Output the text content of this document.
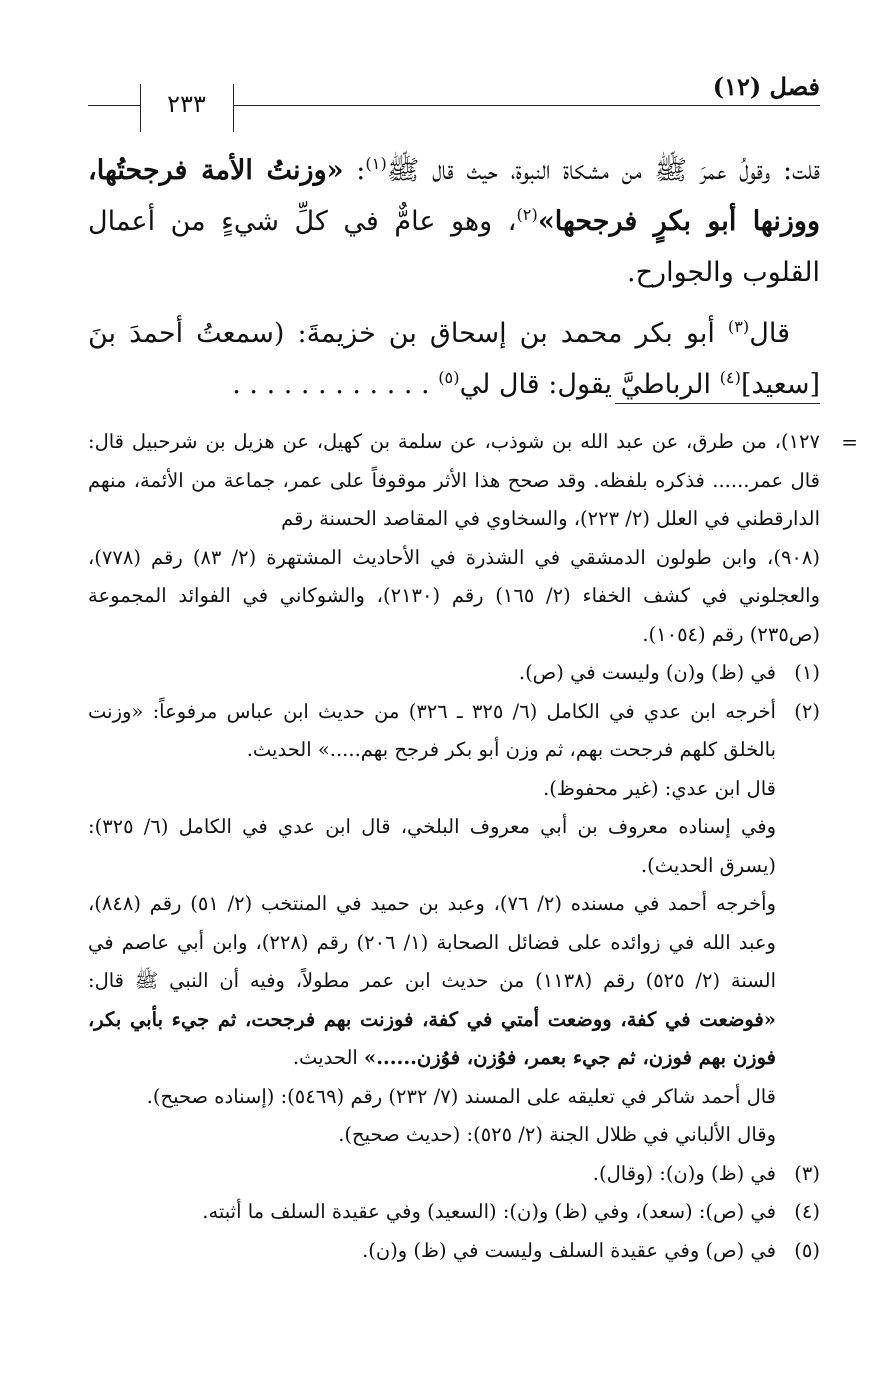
فصل (١٢)
٢٣٣

قلت: وقولُ عمرَ ﷺ من مشكاة النبوة، حيث قال ﷺ$^{(١)}$: «وزنتُ الأمة فرجحتُها، ووزنها أبو بكرٍ فرجحها»$^{(٢)}$، وهو عامٌّ في كلِّ شيءٍ من أعمال القلوب والجوارح.

قال$^{(٣)}$ أبو بكر محمد بن إسحاق بن خزيمةَ: (سمعتُ أحمدَ بنَ [سعيد]$^{(٤)}$ الرباطيَّ يقول: قال لي$^{(٥)}$ . . . . . . . . . . . .

=

١٢٧)، من طرق، عن عبد الله بن شوذب، عن سلمة بن كهيل، عن هزيل بن شرحبيل قال: قال عمر...... فذكره بلفظه. وقد صحح هذا الأثر موقوفاً على عمر، جماعة من الأئمة، منهم الدارقطني في العلل (٢/ ٢٢٣)، والسخاوي في المقاصد الحسنة رقم

(٩٠٨)، وابن طولون الدمشقي في الشذرة في الأحاديث المشتهرة (٢/ ٨٣) رقم (٧٧٨)، والعجلوني في كشف الخفاء (٢/ ١٦٥) رقم (٢١٣٠)، والشوكاني في الفوائد المجموعة (ص٢٣٥) رقم (١٠٥٤).

(١)
في (ظ) و(ن) وليست في (ص).
(٢)
أخرجه ابن عدي في الكامل (٦/ ٣٢٥ ـ ٣٢٦) من حديث ابن عباس مرفوعاً: «وزنت بالخلق كلهم فرجحت بهم، ثم وزن أبو بكر فرجح بهم.....» الحديث.

قال ابن عدي: (غير محفوظ).

وفي إسناده معروف بن أبي معروف البلخي، قال ابن عدي في الكامل (٦/ ٣٢٥): (يسرق الحديث).

وأخرجه أحمد في مسنده (٢/ ٧٦)، وعبد بن حميد في المنتخب (٢/ ٥١) رقم (٨٤٨)، وعبد الله في زوائده على فضائل الصحابة (١/ ٢٠٦) رقم (٢٢٨)، وابن أبي عاصم في السنة (٢/ ٥٢٥) رقم (١١٣٨) من حديث ابن عمر مطولاً، وفيه أن النبي ﷺ قال: «فوضعت في كفة، ووضعت أمتي في كفة، فوزنت بهم فرجحت، ثم جيء بأبي بكر، فوزن بهم فوزن، ثم جيء بعمر، فوُزن، فوُزن......» الحديث.

قال أحمد شاكر في تعليقه على المسند (٧/ ٢٣٢) رقم (٥٤٦٩): (إسناده صحيح).

وقال الألباني في ظلال الجنة (٢/ ٥٢٥): (حديث صحيح).

(٣)
في (ظ) و(ن): (وقال).
(٤)
في (ص): (سعد)، وفي (ظ) و(ن): (السعيد) وفي عقيدة السلف ما أثبته.
(٥)
في (ص) وفي عقيدة السلف وليست في (ظ) و(ن).
